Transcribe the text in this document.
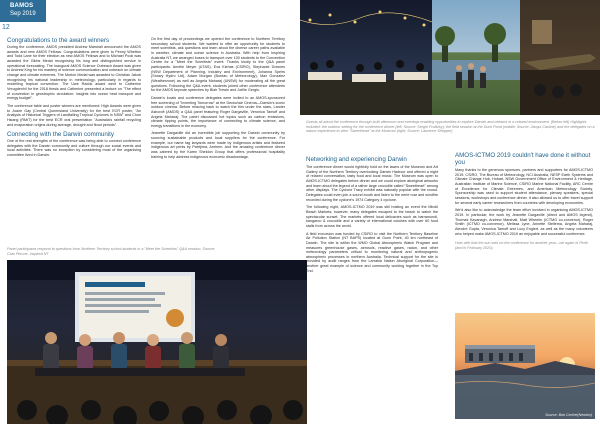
BAMOS
Sep 2019
12
Congratulations to the award winners

During the conference, AMOS president Andrew Marshall announced the AMOS awards and new AMOS Fellows. Congratulations were given to Penny Whetton and Todd Lane for their election as new AMOS Fellows and to Michael Pook was awarded the Gibbs Medal recognising his long and distinguished service in operational forecasting. The inaugural AMOS Science Outreach Award was given to Andrew King for his mastery of science communication and outreach on climate change and climate extremes. The Morton Medal was awarded to Christian Jakob recognising his national leadership in meteorology, particularly in regards to modelling tropical convection. The Uwe Radok award went to Catherine Vreugdenhil for the 2018 thesis and Catherine presented a lecture on "The effect of convection in geostrophic circulation: insights into ocean heat transport and energy budget".

The conference table and poster winners are mentioned: High Awards were given to Joane Gay (Central Queensland University) for the best ECR poster, "An Analysis of Historical Triggers of Landfalling Tropical Cyclones in NSW" and Chun Hsiang (RMIT) for the best ECR oral presentation "Australia's rainfall recycling and evaporation origins during average, drought and flood periods".

Connecting with the Darwin community

One of the real strengths of the conference was being able to connect conference delegates with the Darwin community and culture through our social events and local activities. There was no exception by considering most of the organising committee lived in Darwin.

On the first day of proceedings we opened the conference to Northern Territory secondary school students. We wanted to offer an opportunity for students to meet scientists, ask questions and learn about the diverse career paths available in weather, climate and ocean science in Australia. With help from Inspiring Australia NT, we arranged buses to transport over 100 students to the Convention Centre for a "Meet the Scientists" event. Thanks kindly to the Q&A panel participants: Amelie Meyer (UTAS), Eva Kiehas (CSIRO), Stephanie Downes (NSW Department of Planning, Industry and Environment), Johanna Speirs (Snowy Hydro Ltd), Adam Morgan (Bureau of Meteorology), Max Gonzalez (Weatherzone) as well as Angela Maharaj (UNSW) for moderating all the great questions. Following the Q&A event, students joined other conference attendees for the AMOS keynote speeches by Blair Trewin and Joëlle Gergis.

Darwin's locals and conference delegates were invited to an AMOS-sponsored free screening of "Inventing Tomorrow" at the Deckchair Cinema—Darwin's iconic outdoor cinema. Before relaxing back to watch the film under the stars, Lander Ashcroft (AMOS) a Q&A panel featuring Roger Dargaville, Veronica Tamoff and Angela Maharaj. The panel discussed hot topics such as carbon emissions, climate tipping points, the importance of connecting to climate science, and energy transitions in the economy.

Jeanette Dargaville did an incredible job supporting the Darwin community by sourcing sustainable products and local suppliers for the conference. For example, our name tag lanyards were made by Indigenous artists and featured indigenous art prints by Parrtjima, Arnhem. And the amazing conference dinner was catered by the Karen Sheldon Group that offers professional hospitality training to help address indigenous economic disadvantage.

Panel participants respond to questions from Northern Territory school students in a "Meet the Scientists" Q&A session. Source: Cato Pirrone, inspired NT

Guests sit about the conference through both afternoon and evenings enabling opportunities to explore Darwin and network in a relaxed environment. (Below left) Highlights included: the outdoor setting for the conference dinner (left; Source: Sergei Frolitzky); the field session at the Duck Pond (middle; Source: Jacqui Castine) and the delegates on a nature experience to view "Sweetheart" at the Museum (right; Source: Laurence Shepper)

Networking and experiencing Darwin

The conference dinner would rightfully hold on the lawns of the Museum and Art Gallery of the Northern Territory overlooking Darwin Harbour and offered a night of relaxed conversation, tasty food and local music. The Museum was open to AMOS-ICTMO delegates before dinner and we could explore aboriginal artworks and learn about the legend of a rather large crocodile called "Sweetheart" among other displays. The Cyclone Tracy exhibit was naturally popular with the crowd. Delegates could even join a sound booth and listen to the eerie roar and windfire recorded during the cyclone's 1974 Category 4 cyclone.

The following night, AMOS-ICTMO 2019 was still hosting an event the Mindil Beach Markets; however, many delegates escaped to the beach to watch the spectacular sunset. The markets offered local delicacies such as barramundi, kangaroo & crocodile and a variety of international cuisines with over 60 food stalls from across the world.

A field excursion was funded by CSIRO to visit the Northern Territory Baseline Air Pollution Station (NT BAPS) located at Gunn Point, 40 km northeast of Darwin. The site is within the WMO Global Atmospheric Watch Program and measures greenhouse gases, aerosols, reactive gases, radon, and other meteorology parameters critical to monitoring natural and anthropogenic atmospheric processes in northern Australia. Technical support for the site is provided by audit ranges from the Larrakia Nation Aboriginal Corporation—another great example of science and community working together in the Top End.

AMOS-ICTMO 2019 couldn't have done it without you

Many thanks to the generous sponsors, partners and supporters for AMOS-ICTMO 2019: CSIRO, The Bureau of Meteorology, NCI Australia, NESP Earth Systems and Climate Change Hub, Hobart, NSW Government Office of Environment & Heritage, Australian Institute of Marine Science, CSIRO Marine National Facility, ARC Centre of Excellence for Climate Extremes, and American Meteorology Society. Sponsorship was used to support student attendance, plenary speakers, special sessions, workshops and conference dinner. It also allowed us to offer travel support for several early career researchers from countries with developing economies.

We'd also like to acknowledge the team effort involved in organising AMOS-ICTMO 2019. In particular, the work by Jeanette Dargaville (direct and AMOS legend), Thomas Kavanagh, Andrew Marshall, Matt Wheeler (ICTMO co-convenor), Roger Smith (ICTMO co-convenor), Melissa Lyne, Annette Stellema, Angela Maharaj, Alexdre Gupta, Veronica Tamoff and Lucy Englert, as well as the many volunteers who helped make AMOS-ICTMO 2019 an enjoyable and successful conference.

Hats with that the sun sets on the conference for another year—we again in Perth (and in February 2020).

Source: Bob Cechet(Newton)
